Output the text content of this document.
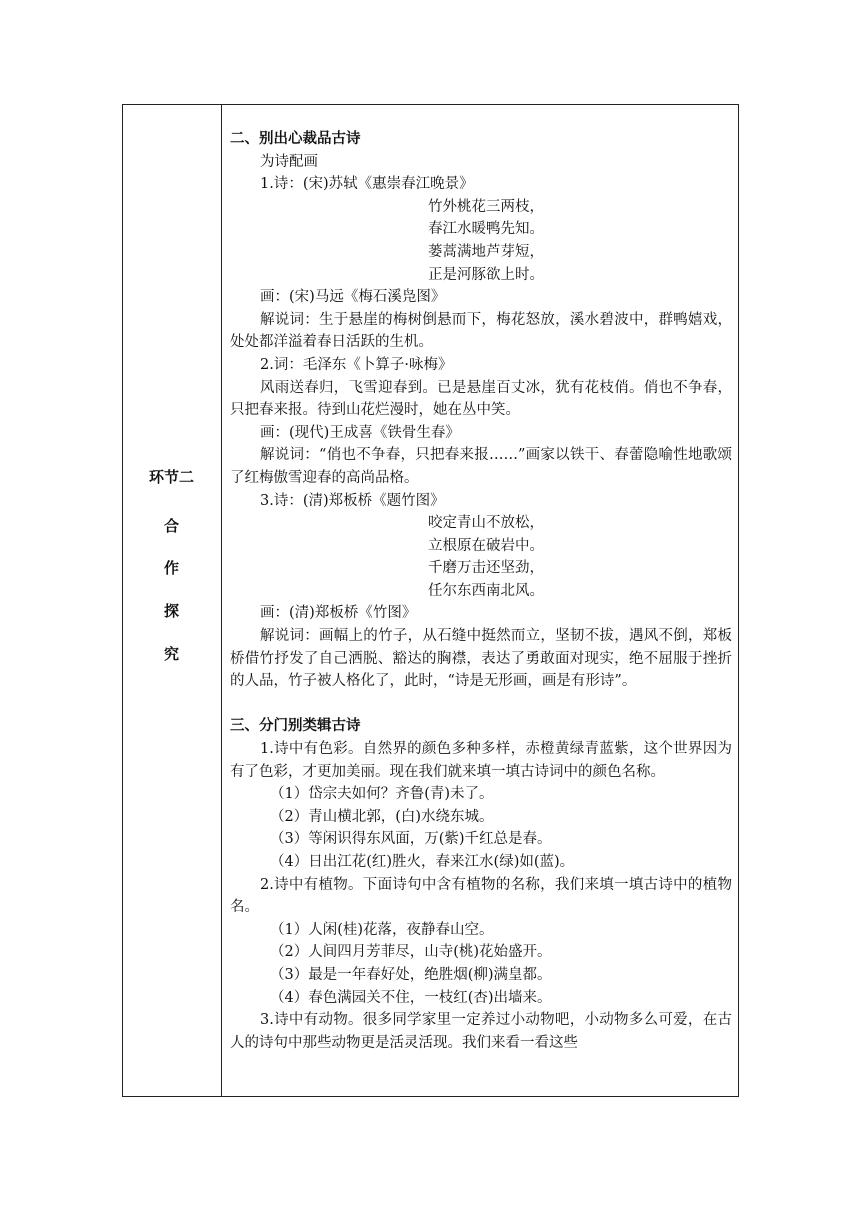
环节二
合
作
探
究
二、别出心裁品古诗
为诗配画
1.诗：(宋)苏轼《惠崇春江晚景》
竹外桃花三两枝，
春江水暖鸭先知。
蒌蒿满地芦芽短，
正是河豚欲上时。
画：(宋)马远《梅石溪凫图》
解说词：生于悬崖的梅树倒悬而下，梅花怒放，溪水碧波中，群鸭嬉戏，处处都洋溢着春日活跃的生机。
2.词：毛泽东《卜算子·咏梅》
风雨送春归，飞雪迎春到。已是悬崖百丈冰，犹有花枝俏。俏也不争春，只把春来报。待到山花烂漫时，她在丛中笑。
画：(现代)王成喜《铁骨生春》
解说词：“俏也不争春，只把春来报……”画家以铁干、春蕾隐喻性地歌颂了红梅傲雪迎春的高尚品格。
3.诗：(清)郑板桥《题竹图》
咬定青山不放松，
立根原在破岩中。
千磨万击还坚劲，
任尔东西南北风。
画：(清)郑板桥《竹图》
解说词：画幅上的竹子，从石缝中挺然而立，坚韧不拔，遇风不倒，郑板桥借竹抒发了自己洒脱、豁达的胸襟，表达了勇敢面对现实，绝不屈服于挫折的人品，竹子被人格化了，此时，“诗是无形画，画是有形诗”。
三、分门别类辑古诗
1.诗中有色彩。自然界的颜色多种多样，赤橙黄绿青蓝紫，这个世界因为有了色彩，才更加美丽。现在我们就来填一填古诗词中的颜色名称。
（1）岱宗夫如何？齐鲁(青)未了。
（2）青山横北郭，(白)水绕东城。
（3）等闲识得东风面，万(紫)千红总是春。
（4）日出江花(红)胜火，春来江水(绿)如(蓝)。
2.诗中有植物。下面诗句中含有植物的名称，我们来填一填古诗中的植物名。
（1）人闲(桂)花落，夜静春山空。
（2）人间四月芳菲尽，山寺(桃)花始盛开。
（3）最是一年春好处，绝胜烟(柳)满皇都。
（4）春色满园关不住，一枝红(杏)出墙来。
3.诗中有动物。很多同学家里一定养过小动物吧，小动物多么可爱，在古人的诗句中那些动物更是活灵活现。我们来看一看这些
